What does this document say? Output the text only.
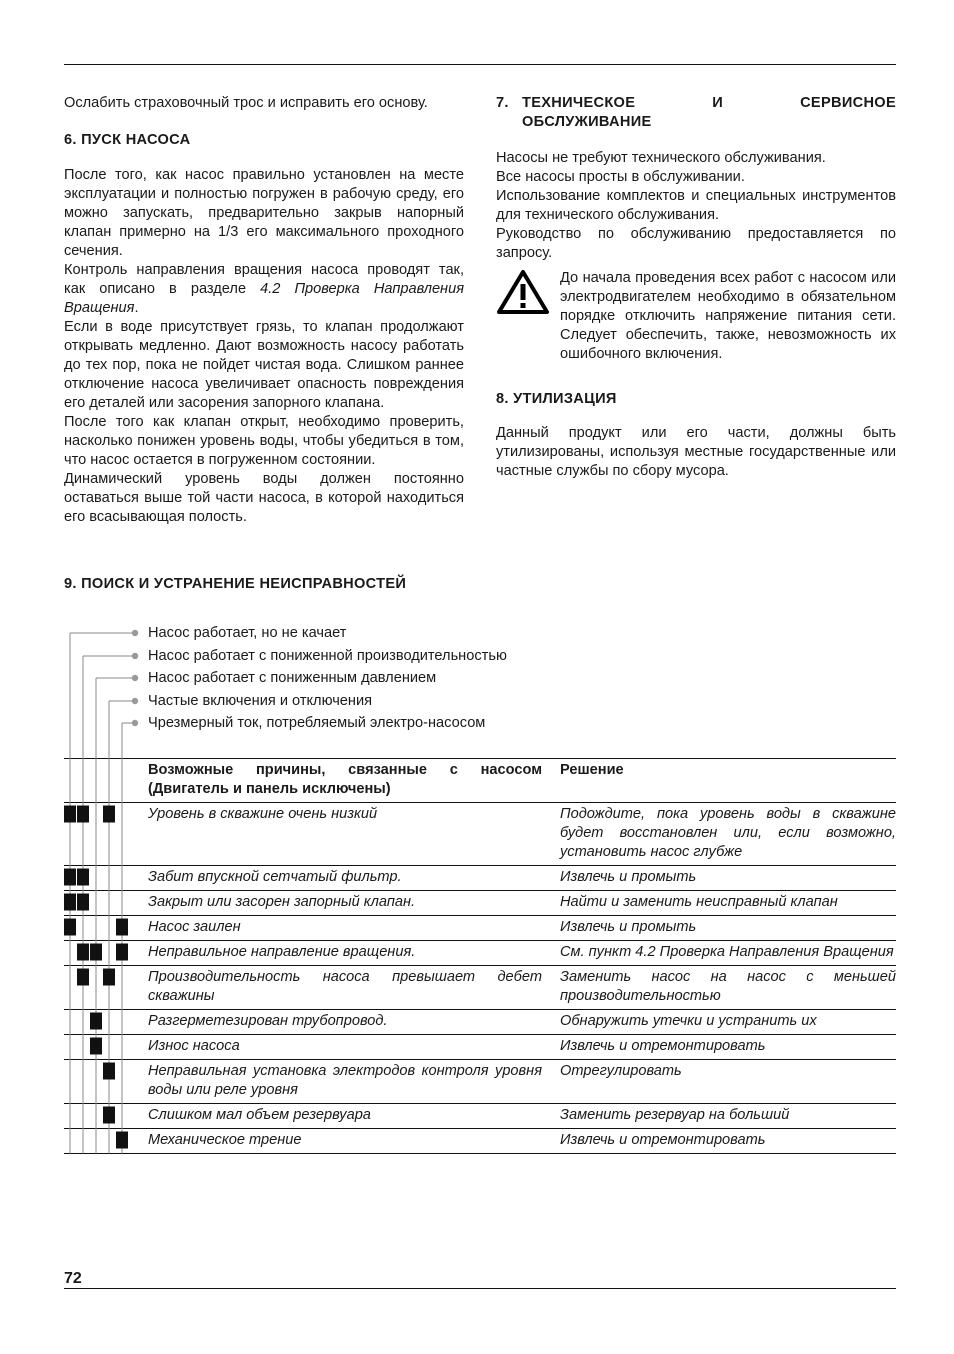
Ослабить страховочный трос и исправить его основу.

6. ПУСК НАСОСА

После того, как насос правильно установлен на месте эксплуатации и полностью погружен в рабочую среду, его можно запускать, предварительно закрыв напорный клапан примерно на 1/3 его максимального проходного сечения.

Контроль направления вращения насоса проводят так, как описано в разделе 4.2 Проверка Направления Вращения.

Если в воде присутствует грязь, то клапан продолжают открывать медленно. Дают возможность насосу работать до тех пор, пока не пойдет чистая вода. Слишком раннее отключение насоса увеличивает опасность повреждения его деталей или засорения запорного клапана.

После того как клапан открыт, необходимо проверить, насколько понижен уровень воды, чтобы убедиться в том, что насос остается в погруженном состоянии.

Динамический уровень воды должен постоянно оставаться выше той части насоса, в которой находиться его всасывающая полость.

7. ТЕХНИЧЕСКОЕ И СЕРВИСНОЕ

ОБСЛУЖИВАНИЕ

Насосы не требуют технического обслуживания.

Все насосы просты в обслуживании.

Использование комплектов и специальных инструментов для технического обслуживания.

Руководство по обслуживанию предоставляется по запросу.

До начала проведения всех работ с насосом или электродвигателем необходимо в обязательном порядке отключить напряжение питания сети. Следует обеспечить, также, невозможность их ошибочного включения.

8. УТИЛИЗАЦИЯ

Данный продукт или его части, должны быть утилизированы, используя местные государственные или частные службы по сбору мусора.

9. ПОИСК И УСТРАНЕНИЕ НЕИСПРАВНОСТЕЙ

Насос работает, но не качает
Насос работает с пониженной производительностью
Насос работает с пониженным давлением
Частые включения и отключения
Чрезмерный ток, потребляемый электро-насосом
	Возможные причины, связанные с насосом (Двигатель и панель исключены)	Решение
	Уровень в скважине очень низкий	Подождите, пока уровень воды в скважине будет восстановлен или, если возможно, установить насос глубже
	Забит впускной сетчатый фильтр.	Извлечь и промыть
	Закрыт или засорен запорный клапан.	Найти и заменить неисправный клапан
	Насос заилен	Извлечь и промыть
	Неправильное направление вращения.	См. пункт 4.2 Проверка Направления Вращения
	Производительность насоса превышает дебет скважины	Заменить насос на насос с меньшей производительностью
	Разгерметезирован трубопровод.	Обнаружить утечки и устранить их
	Износ насоса	Извлечь и отремонтировать
	Неправильная установка электродов контроля уровня воды или реле уровня	Отрегулировать
	Слишком мал объем резервуара	Заменить резервуар на больший
	Механическое трение	Извлечь и отремонтировать
72
